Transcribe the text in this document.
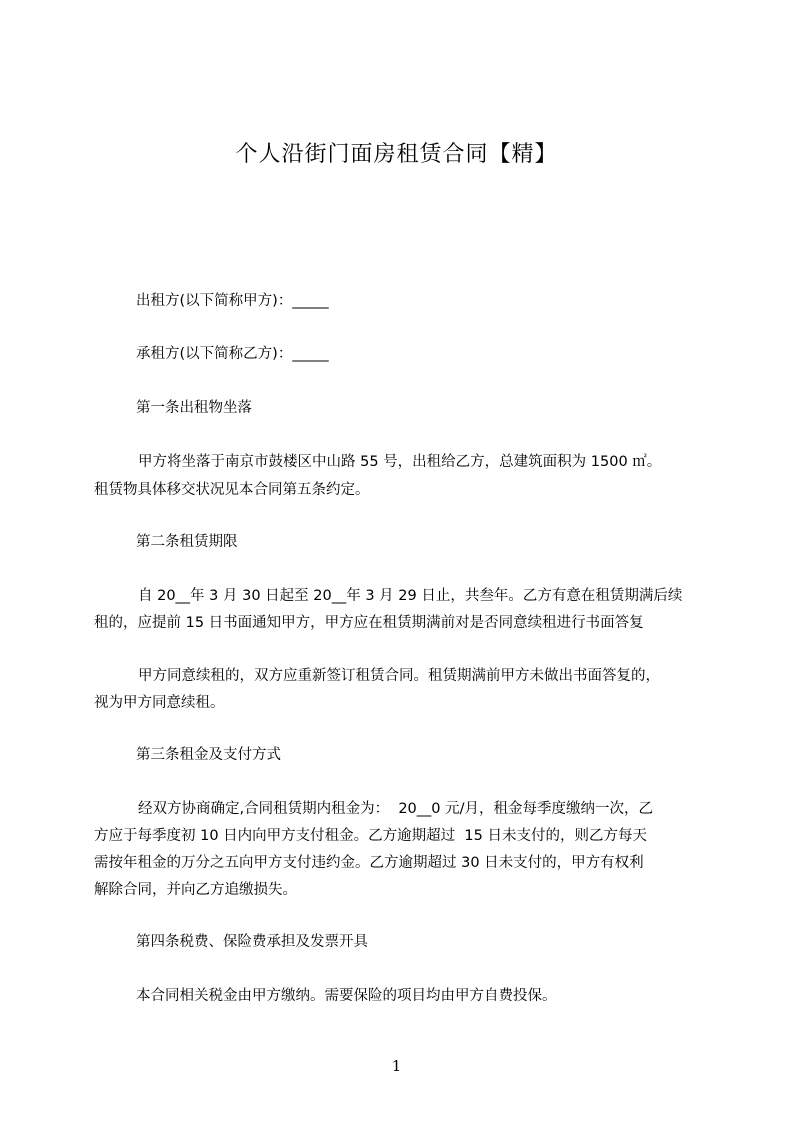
个人沿街门面房租赁合同【精】
出租方(以下简称甲方)：_____
承租方(以下简称乙方)：_____
第一条出租物坐落
甲方将坐落于南京市鼓楼区中山路 55 号，出租给乙方，总建筑面积为 1500 ㎡。
租赁物具体移交状况见本合同第五条约定。
第二条租赁期限
自 20__年 3 月 30 日起至 20__年 3 月 29 日止，共叁年。乙方有意在租赁期满后续
租的，应提前 15 日书面通知甲方，甲方应在租赁期满前对是否同意续租进行书面答复
甲方同意续租的，双方应重新签订租赁合同。租赁期满前甲方未做出书面答复的，
视为甲方同意续租。
第三条租金及支付方式
经双方协商确定,合同租赁期内租金为：  20__0 元/月，租金每季度缴纳一次，乙
方应于每季度初 10 日内向甲方支付租金。乙方逾期超过  15 日未支付的，则乙方每天
需按年租金的万分之五向甲方支付违约金。乙方逾期超过 30 日未支付的，甲方有权利
解除合同，并向乙方追缴损失。
第四条税费、保险费承担及发票开具
本合同相关税金由甲方缴纳。需要保险的项目均由甲方自费投保。
1
